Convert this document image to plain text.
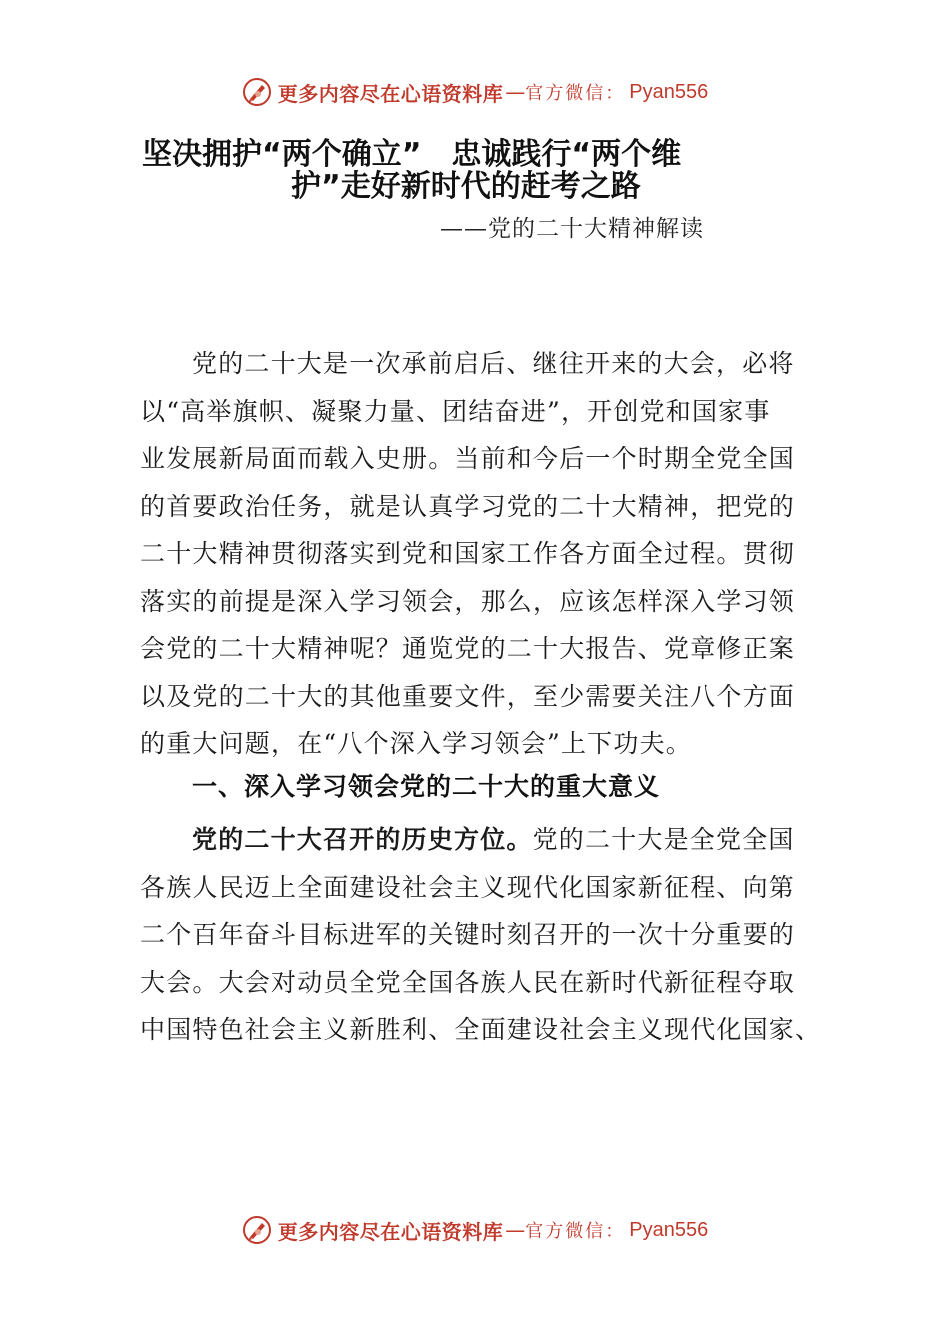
更多内容尽在心语资料库 — 官方微信： Pyan556
坚决拥护“两个确立”　忠诚践行“两个维
护”走好新时代的赶考之路
——党的二十大精神解读
党的二十大是一次承前启后、继往开来的大会，必将
以“高举旗帜、凝聚力量、团结奋进”，开创党和国家事
业发展新局面而载入史册。当前和今后一个时期全党全国
的首要政治任务，就是认真学习党的二十大精神，把党的
二十大精神贯彻落实到党和国家工作各方面全过程。贯彻
落实的前提是深入学习领会，那么，应该怎样深入学习领
会党的二十大精神呢？通览党的二十大报告、党章修正案
以及党的二十大的其他重要文件，至少需要关注八个方面
的重大问题，在“八个深入学习领会”上下功夫。
一、深入学习领会党的二十大的重大意义
党的二十大召开的历史方位。党的二十大是全党全国
各族人民迈上全面建设社会主义现代化国家新征程、向第
二个百年奋斗目标进军的关键时刻召开的一次十分重要的
大会。大会对动员全党全国各族人民在新时代新征程夺取
中国特色社会主义新胜利、全面建设社会主义现代化国家、
更多内容尽在心语资料库 — 官方微信： Pyan556
